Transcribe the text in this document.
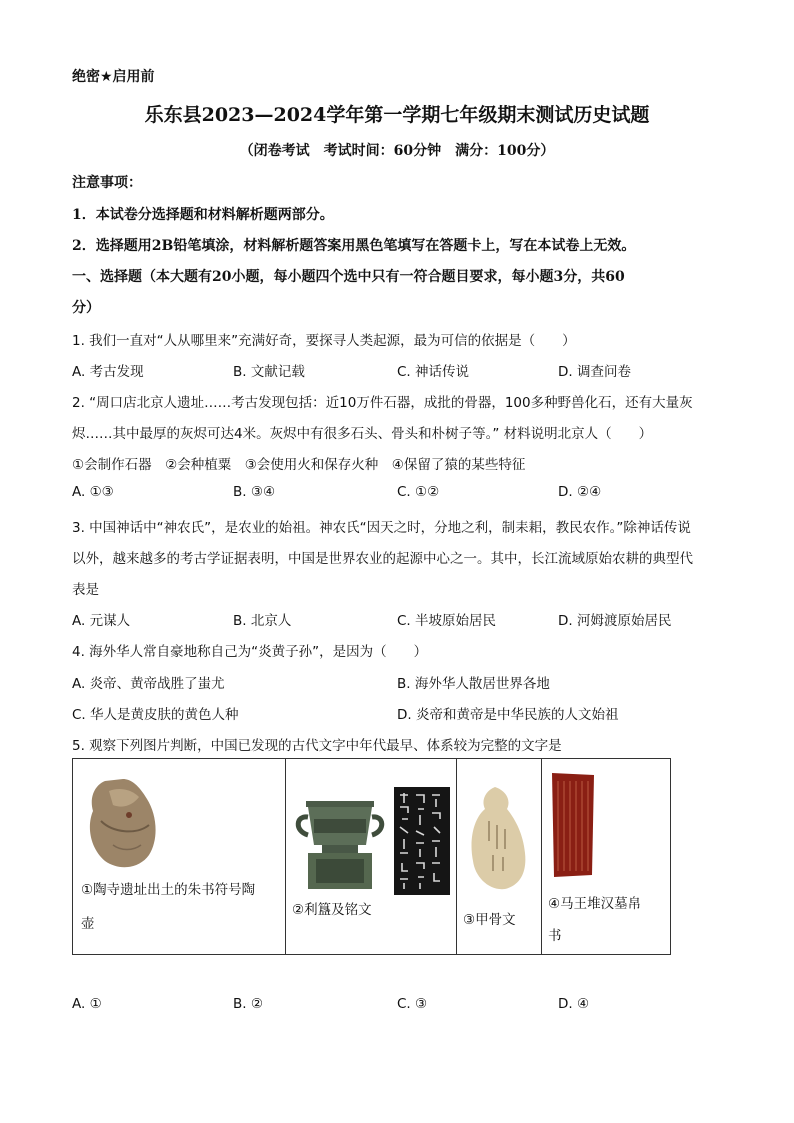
绝密★启用前
乐东县2023—2024学年第一学期七年级期末测试历史试题
（闭卷考试　考试时间：60分钟　满分：100分）
注意事项：
1．本试卷分选择题和材料解析题两部分。
2．选择题用2B铅笔填涂，材料解析题答案用黑色笔填写在答题卡上，写在本试卷上无效。
一、选择题（本大题有20小题，每小题四个选中只有一符合题目要求，每小题3分，共60
分）
1. 我们一直对“人从哪里来”充满好奇，要探寻人类起源，最为可信的依据是（　　）
A. 考古发现	B. 文献记载	C. 神话传说	D. 调查问卷
2. “周口店北京人遗址……考古发现包括：近10万件石器，成批的骨器，100多种野兽化石，还有大量灰
烬……其中最厚的灰烬可达4米。灰烬中有很多石头、骨头和朴树子等。” 材料说明北京人（　　）
①会制作石器　②会种植粟　③会使用火和保存火种　④保留了猿的某些特征
A. ①③	B. ③④	C. ①②	D. ②④
3. 中国神话中“神农氏”，是农业的始祖。神农氏“因天之时，分地之利，制耒耜，教民农作。”除神话传说
以外，越来越多的考古学证据表明，中国是世界农业的起源中心之一。其中，长江流域原始农耕的典型代
表是
A. 元谋人	B. 北京人	C. 半坡原始居民	D. 河姆渡原始居民
4. 海外华人常自豪地称自己为“炎黄子孙”，是因为（　　）
A. 炎帝、黄帝战胜了蚩尤	B. 海外华人散居世界各地
C. 华人是黄皮肤的黄色人种	D. 炎帝和黄帝是中华民族的人文始祖
5. 观察下列图片判断，中国已发现的古代文字中年代最早、体系较为完整的文字是
①陶寺遗址出土的朱书符号陶
壶

②利簋及铭文

③甲骨文

④马王堆汉墓帛
书
A. ①	B. ②	C. ③	D. ④
